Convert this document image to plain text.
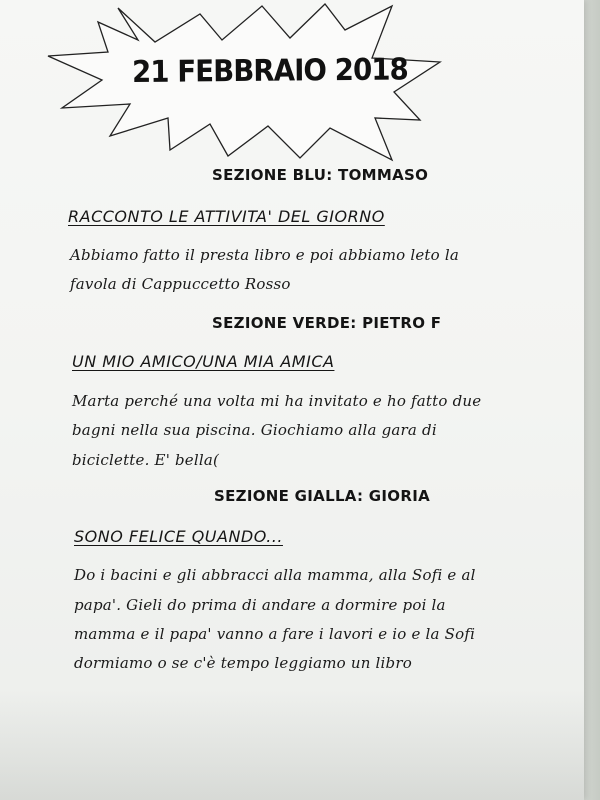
21 FEBBRAIO 2018
SEZIONE BLU: TOMMASO
RACCONTO LE ATTIVITA' DEL GIORNO
Abbiamo fatto il presta libro e poi abbiamo leto la
favola di Cappuccetto Rosso
SEZIONE VERDE: PIETRO F
UN MIO AMICO/UNA MIA AMICA
Marta perché una volta mi ha invitato e ho fatto due
bagni nella sua piscina. Giochiamo alla gara di
biciclette. E' bella(
SEZIONE GIALLA: GIORIA
SONO FELICE QUANDO...
Do i bacini e gli abbracci alla mamma, alla Sofi e al
papa'. Gieli do prima di andare a dormire poi la
mamma e il papa' vanno a fare i lavori e io e la Sofi
dormiamo o se c'è tempo leggiamo un libro
